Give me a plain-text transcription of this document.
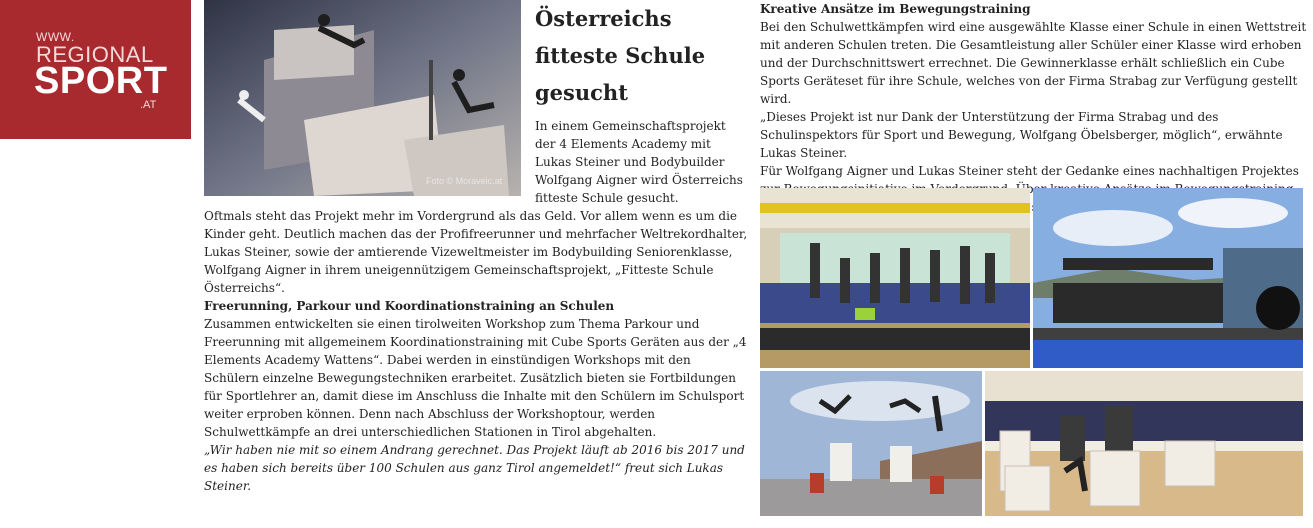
WWW.
REGIONAL
SPORT
.AT
Foto © Moraveic.at
Österreichs fitteste Schule gesucht

In einem Gemeinschaftsprojekt der 4 Elements Academy mit Lukas Steiner und Bodybuilder Wolfgang Aigner wird Österreichs fitteste Schule gesucht.

Oftmals steht das Projekt mehr im Vordergrund als das Geld. Vor allem wenn es um die Kinder geht. Deutlich machen das der Profifreerunner und mehrfacher Weltrekordhalter, Lukas Steiner, sowie der amtierende Vizeweltmeister im Bodybuilding Seniorenklasse, Wolfgang Aigner in ihrem uneigennützigem Gemeinschaftsprojekt, „Fitteste Schule Österreichs“.

Freerunning, Parkour und Koordinationstraining an Schulen

Zusammen entwickelten sie einen tirolweiten Workshop zum Thema Parkour und Freerunning mit allgemeinem Koordinationstraining mit Cube Sports Geräten aus der „4 Elements Academy Wattens“. Dabei werden in einstündigen Workshops mit den Schülern einzelne Bewegungstechniken erarbeitet. Zusätzlich bieten sie Fortbildungen für Sportlehrer an, damit diese im Anschluss die Inhalte mit den Schülern im Schulsport weiter erproben können. Denn nach Abschluss der Workshoptour, werden Schulwettkämpfe an drei unterschiedlichen Stationen in Tirol abgehalten.

„Wir haben nie mit so einem Andrang gerechnet. Das Projekt läuft ab 2016 bis 2017 und es haben sich bereits über 100 Schulen aus ganz Tirol angemeldet!“ freut sich Lukas Steiner.

Kreative Ansätze im Bewegungstraining

Bei den Schulwettkämpfen wird eine ausgewählte Klasse einer Schule in einen Wettstreit mit anderen Schulen treten. Die Gesamtleistung aller Schüler einer Klasse wird erhoben und der Durchschnittswert errechnet. Die Gewinnerklasse erhält schließlich ein Cube Sports Geräteset für ihre Schule, welches von der Firma Strabag zur Verfügung gestellt wird.

„Dieses Projekt ist nur Dank der Unterstützung der Firma Strabag und des Schulinspektors für Sport und Bewegung, Wolfgang Öbelsberger, möglich“, erwähnte Lukas Steiner.

Für Wolfgang Aigner und Lukas Steiner steht der Gedanke eines nachhaltigen Projektes Über
